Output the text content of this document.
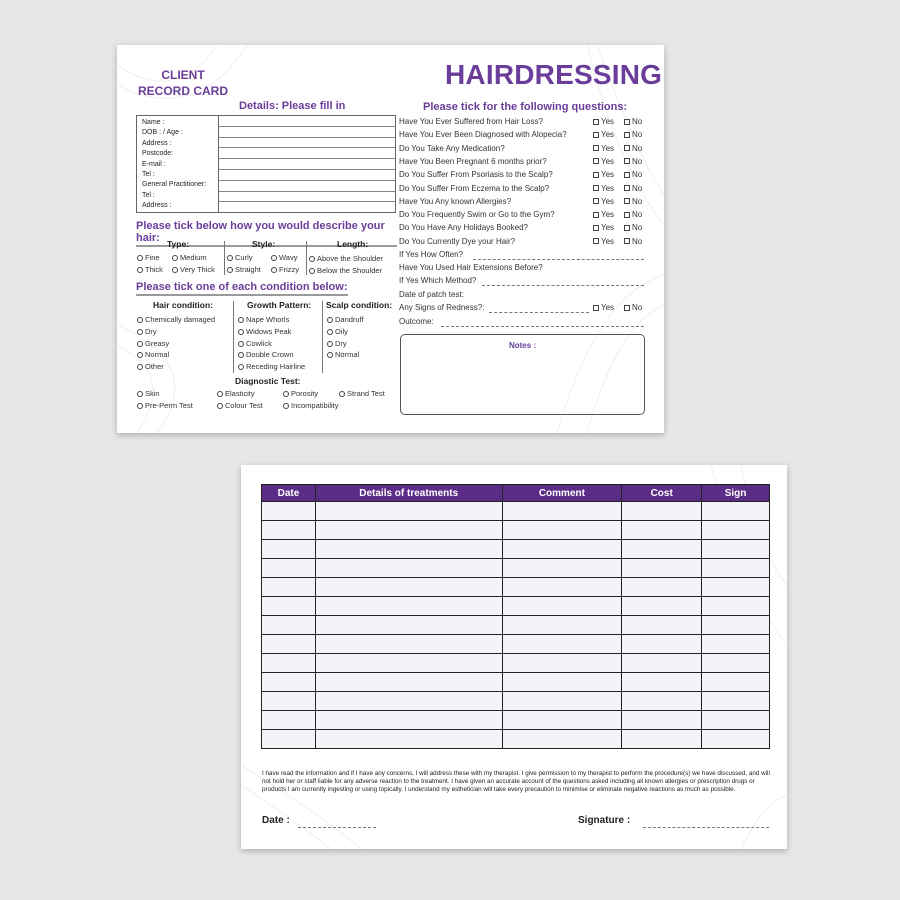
CLIENT RECORD CARD
HAIRDRESSING
Details: Please fill in
Name :
DOB : / Age :
Address :
Postcode:
E-mail :
Tel :
General Practitioner:
Tel :
Address :
Please tick below how you would describe your hair: Type:	Style:	Length:
Fine	Medium
Thick	Very Thick
Curly	Wavy
Straight	Frizzy
Above the Shoulder
Below the Shoulder
Please tick one of each condition below:
Hair condition:	Growth Pattern: Scalp condition:
Chemically damaged
Dry
Greasy
Normal
Other
Nape Whorls
Widows Peak
Cowlick
Double Crown
Receding Hairline
Dandruff
Oily
Dry
Normal
Diagnostic Test:
Skin	Elasticity	Porosity	Strand Test
Pre-Perm Test	Colour Test	Incompatibility
Please tick for the following questions:
If Yes How Often?
Have You Used Hair Extensions Before?
If Yes Which Method?
Date of patch test:
Any Signs of Redness?:	Yes	No
Outcome:
Notes :
Have You Ever Suffered from Hair Loss?	Yes	No
Have You Ever Been Diagnosed with Alopecia?	Yes	No
Do You Take Any Medication?	Yes	No
Have You Been Pregnant 6 months prior?	Yes	No
Do You Suffer From Psoriasis to the Scalp?	Yes	No
Do You Suffer From Eczema to the Scalp?	Yes	No
Have You Any known Allergies?	Yes	No
Do You Frequently Swim or Go to the Gym?	Yes	No
Do You Have Any Holidays Booked?	Yes	No
Do You Currently Dye your Hair?	Yes	No
Date	Details of treatments	Comment	Cost	Sign

I have read the information and if I have any concerns, I will address these with my therapist. I give permission to my therapist to perform the procedure(s) we have discussed, and will not hold her or staff liable for any adverse reaction to the treatment. I have given an accurate account of the questions asked including all known allergies or prescription drugs or products I am currently ingesting or using topically. I understand my esthetician will take every precaution to minimise or eliminate negative reactions as much as possible.
Date :	Signature :
